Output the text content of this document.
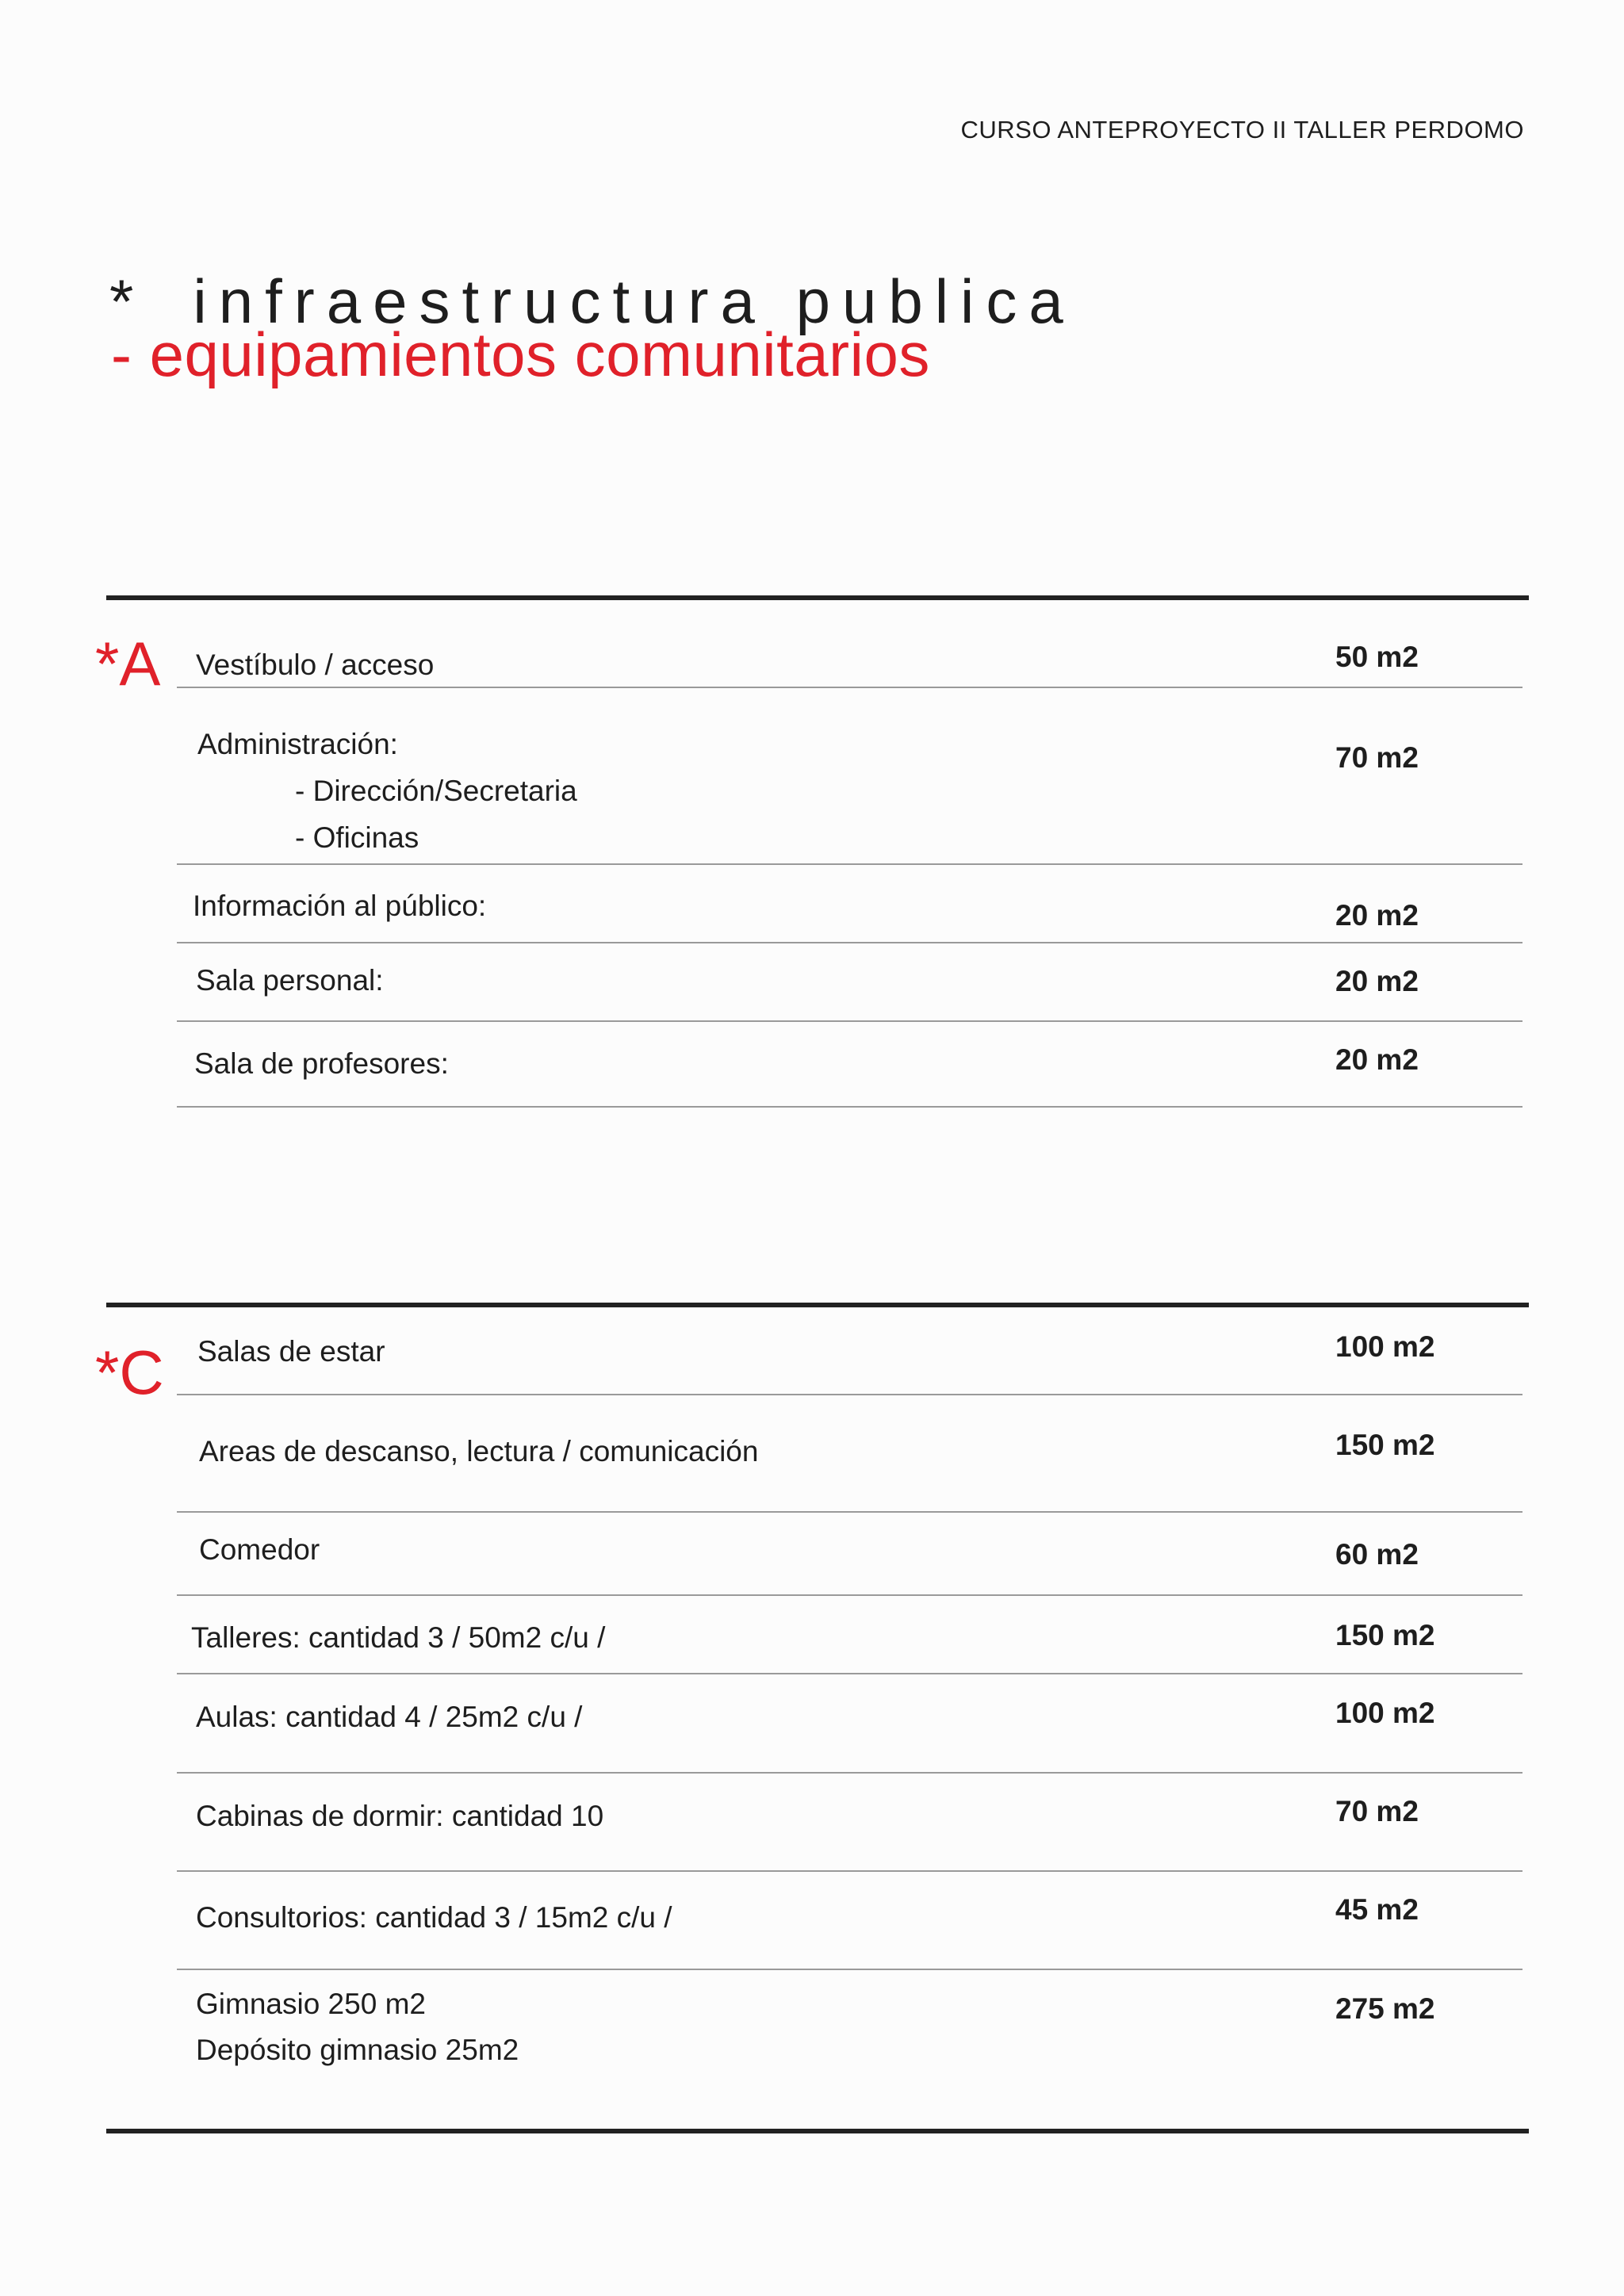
CURSO ANTEPROYECTO II TALLER PERDOMO
* infraestructura publica
- equipamientos comunitarios
*A Vestíbulo / acceso	50 m2
Administración:
- Dirección/Secretaria
- Oficinas
70 m2
Información al público:	20 m2
Sala personal:	20 m2
Sala de profesores:	20 m2
*C Salas de estar	100 m2
Areas de descanso, lectura / comunicación	150 m2
Comedor	60 m2
Talleres: cantidad 3 / 50m2 c/u /	150 m2
Aulas: cantidad 4 / 25m2 c/u /	100 m2
Cabinas de dormir: cantidad 10	70 m2
Consultorios: cantidad 3 / 15m2 c/u /	45 m2
Gimnasio 250 m2
Depósito gimnasio 25m2
275 m2
